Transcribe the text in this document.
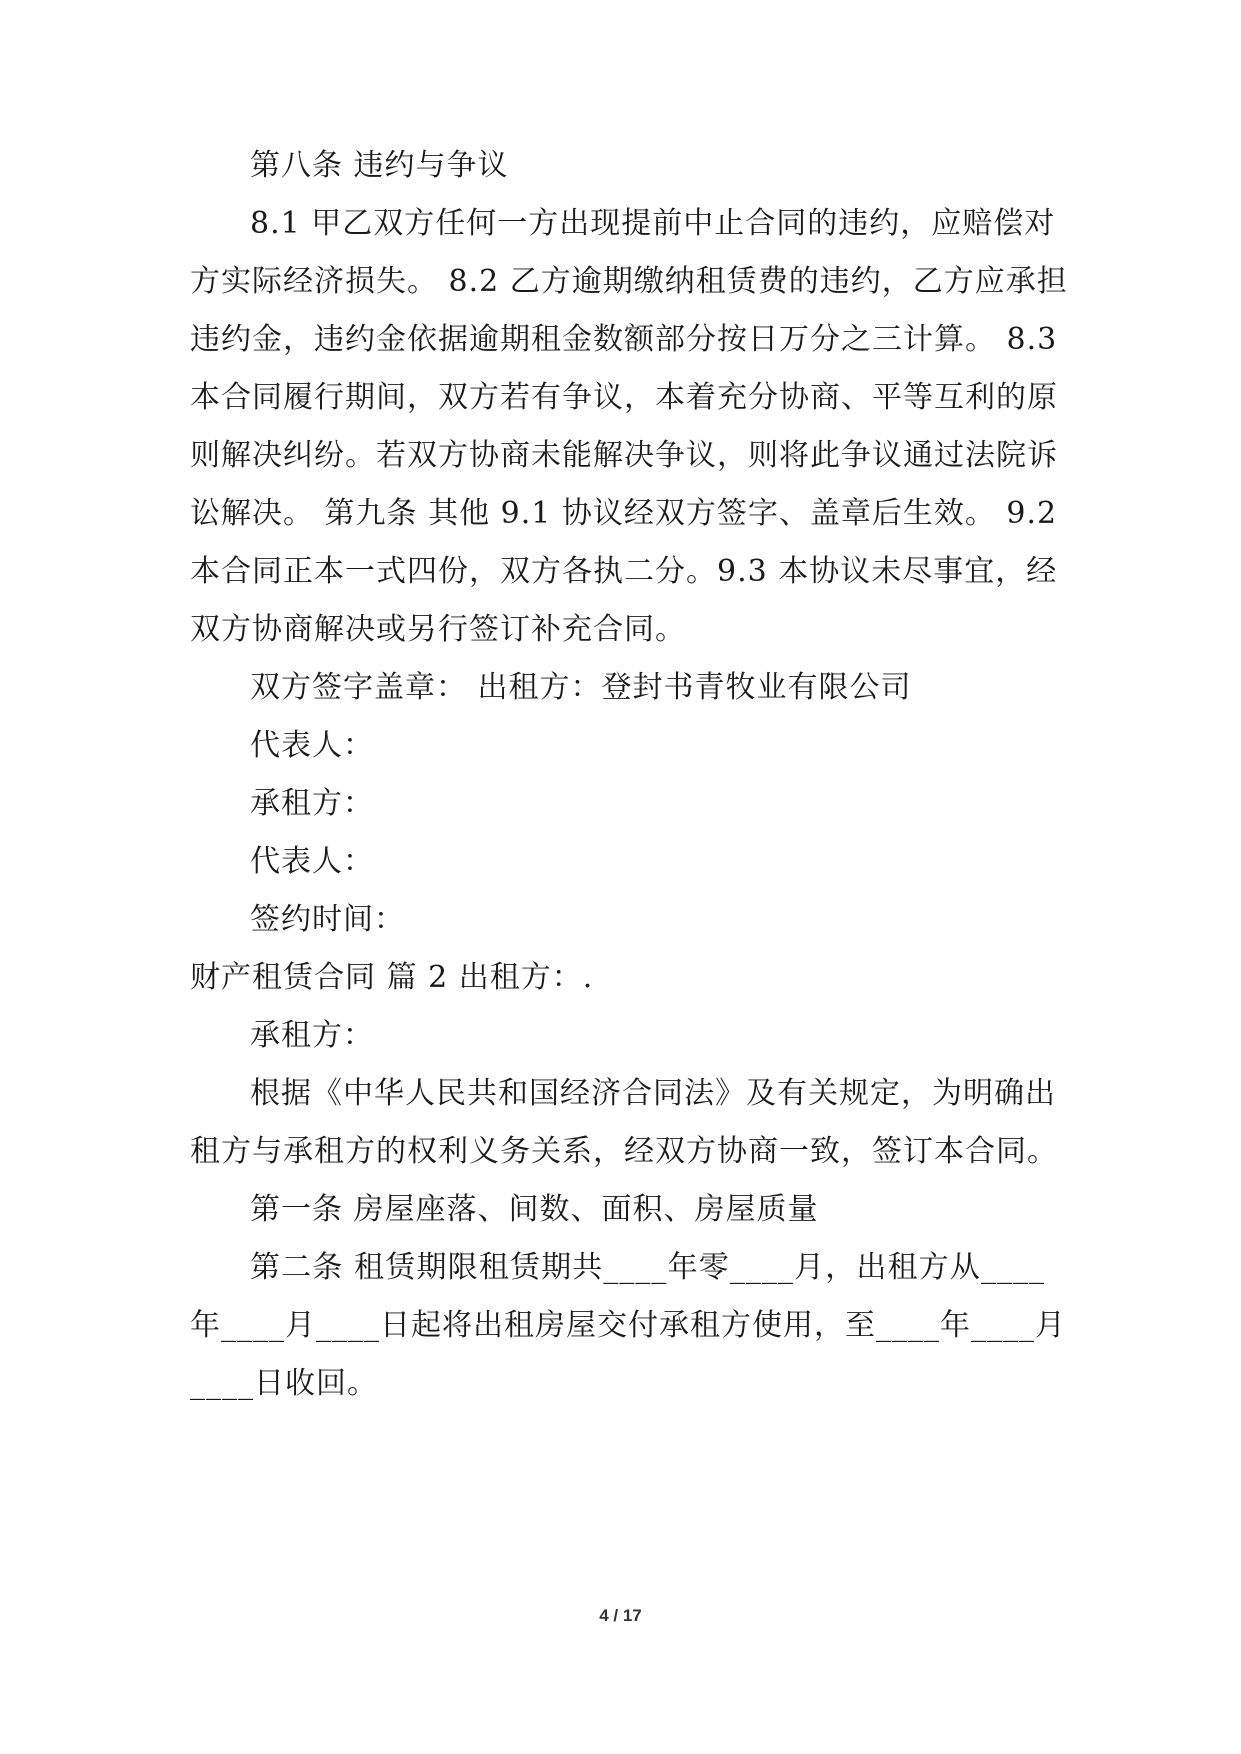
第八条 违约与争议
8.1 甲乙双方任何一方出现提前中止合同的违约，应赔偿对
方实际经济损失。 8.2 乙方逾期缴纳租赁费的违约，乙方应承担
违约金，违约金依据逾期租金数额部分按日万分之三计算。 8.3
本合同履行期间，双方若有争议，本着充分协商、平等互利的原
则解决纠纷。若双方协商未能解决争议，则将此争议通过法院诉
讼解决。 第九条 其他 9.1 协议经双方签字、盖章后生效。 9.2
本合同正本一式四份，双方各执二分。9.3 本协议未尽事宜，经
双方协商解决或另行签订补充合同。
双方签字盖章： 出租方：登封书青牧业有限公司
代表人：
承租方：
代表人：
签约时间：
财产租赁合同 篇 2 出租方：.
承租方：
根据《中华人民共和国经济合同法》及有关规定，为明确出
租方与承租方的权利义务关系，经双方协商一致，签订本合同。
第一条 房屋座落、间数、面积、房屋质量
第二条 租赁期限租赁期共____年零____月，出租方从____
年____月____日起将出租房屋交付承租方使用，至____年____月
____日收回。
4 / 17
